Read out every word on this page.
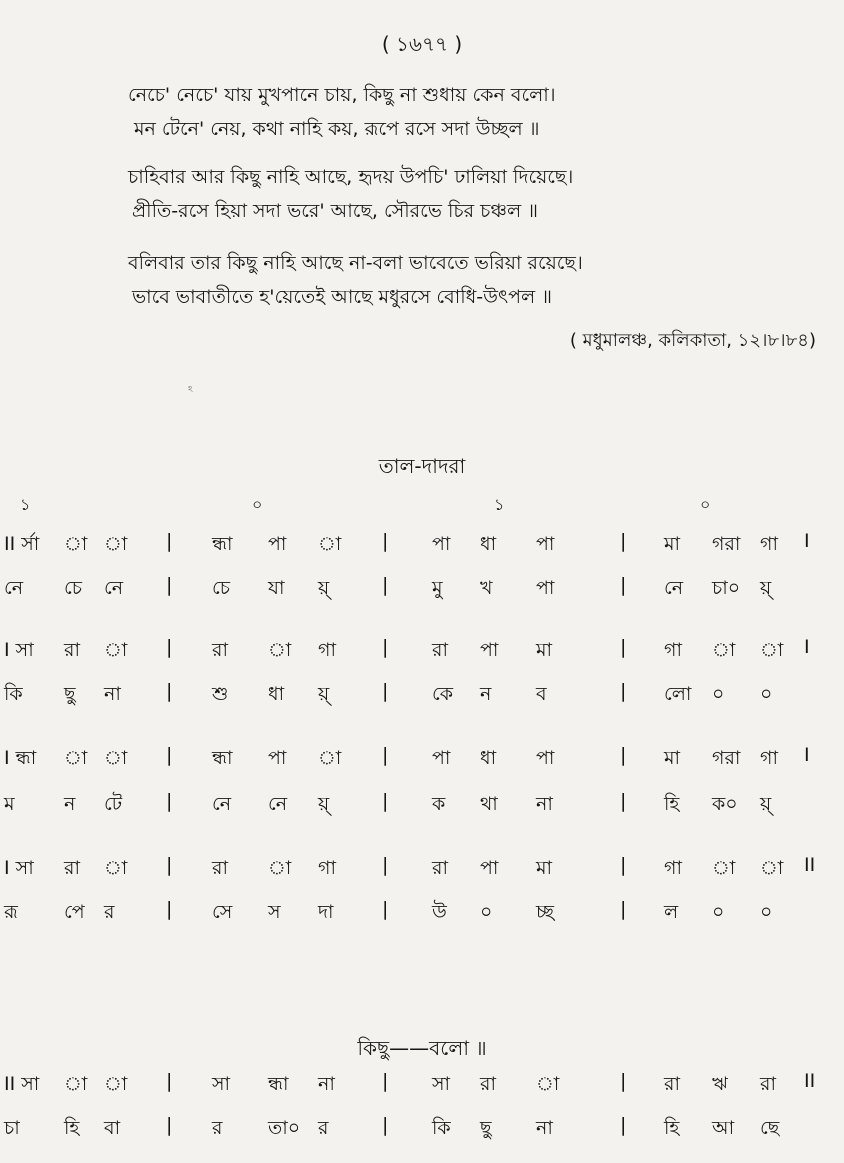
( ১৬৭৭ )
নেচে' নেচে' যায় মুখপানে চায়, কিছু না শুধায় কেন বলো।
মন টেনে' নেয়, কথা নাহি কয়, রূপে রসে সদা উচ্ছল ॥
চাহিবার আর কিছু নাহি আছে, হৃদয় উপচি' ঢালিয়া দিয়েছে।
প্রীতি-রসে হিয়া সদা ভরে' আছে, সৌরভে চির চঞ্চল ॥
বলিবার তার কিছু নাহি আছে না-বলা ভাবেতে ভরিয়া রয়েছে।
ভাবে ভাবাতীতে হ'য়েতেই আছে মধুরসে বোধি-উৎপল ॥
( মধুমালঞ্চ, কলিকাতা, ১২।৮।৮৪)
ঽ
তাল-দাদরা
১	০	১	০
II র্সা া া | ন্ধা পা া | পা ধা পা	| মা গরা গা I
নে চে নে | চে যা য়্	| মু খ পা	| নে চা০ য়্
I সা রা া | রা া গা | রা পা মা	| গা া া I
কি ছু না | শু ধা য়্	| কে ন ব	| লো ০ ০
I ন্ধা া া | ন্ধা পা া | পা ধা পা	| মা গরা গা I
ম	ন টে | নে নে য়্	| ক থা না	| হি ক০ য়্
I সা রা া | রা া গা | রা পা মা	| গা া া II
রূ পে র	| সে স দা	| উ ০ চ্ছ	| ল ০ ০
কিছু——বলো ॥
II সা া া | সা ন্ধা না | সা রা া	| রা ঋ রা II
চা হি বা | র তা০ র	| কি ছু না	| হি আ ছে
